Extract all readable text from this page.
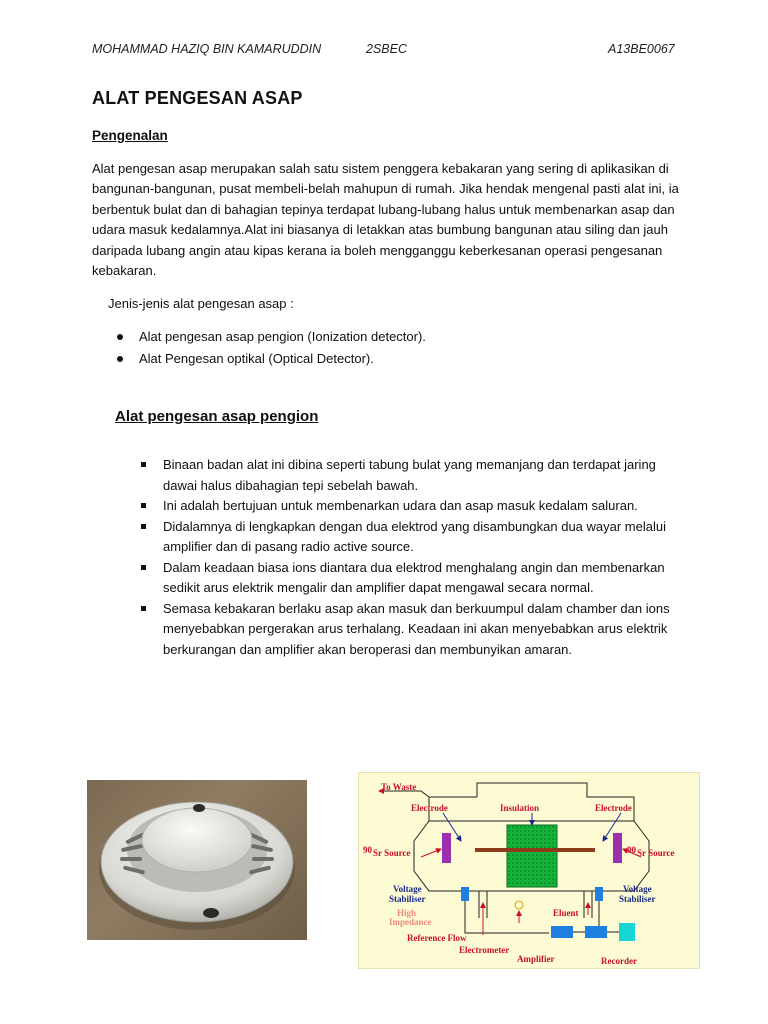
MOHAMMAD HAZIQ BIN KAMARUDDIN	2SBEC	A13BE0067
ALAT PENGESAN ASAP
Pengenalan

Alat pengesan asap merupakan salah satu sistem penggera kebakaran yang sering di aplikasikan di bangunan-bangunan, pusat membeli-belah mahupun di rumah. Jika hendak mengenal pasti alat ini, ia berbentuk bulat dan di bahagian tepinya terdapat lubang-lubang halus untuk membenarkan asap dan udara masuk kedalamnya.Alat ini biasanya di letakkan atas bumbung bangunan atau siling dan jauh daripada lubang angin atau kipas kerana ia boleh mengganggu keberkesanan operasi pengesanan kebakaran.

Jenis-jenis alat pengesan asap :
Alat pengesan asap pengion (Ionization detector).
Alat Pengesan optikal (Optical Detector).
Alat pengesan asap pengion
Binaan badan alat ini dibina seperti tabung bulat yang memanjang dan terdapat jaring dawai halus dibahagian tepi sebelah bawah.
Ini adalah bertujuan untuk membenarkan udara dan asap masuk kedalam saluran.
Didalamnya di lengkapkan dengan dua elektrod yang disambungkan dua wayar melalui amplifier dan di pasang radio active source.
Dalam keadaan biasa ions diantara dua elektrod menghalang angin dan membenarkan sedikit arus elektrik mengalir dan amplifier dapat mengawal secara normal.
Semasa kebakaran berlaku asap akan masuk dan berkuumpul dalam chamber dan ions menyebabkan pergerakan arus terhalang. Keadaan ini akan menyebabkan arus elektrik berkurangan dan amplifier akan beroperasi dan membunyikan amaran.
To Waste
Insulation
Electrode	Electrode
90 Sr Source	90 Sr Source
Voltage
Stabiliser
Voltage
Stabiliser
High
Impedance
Eluent
Reference Flow
Electrometer
Amplifier	Recorder
